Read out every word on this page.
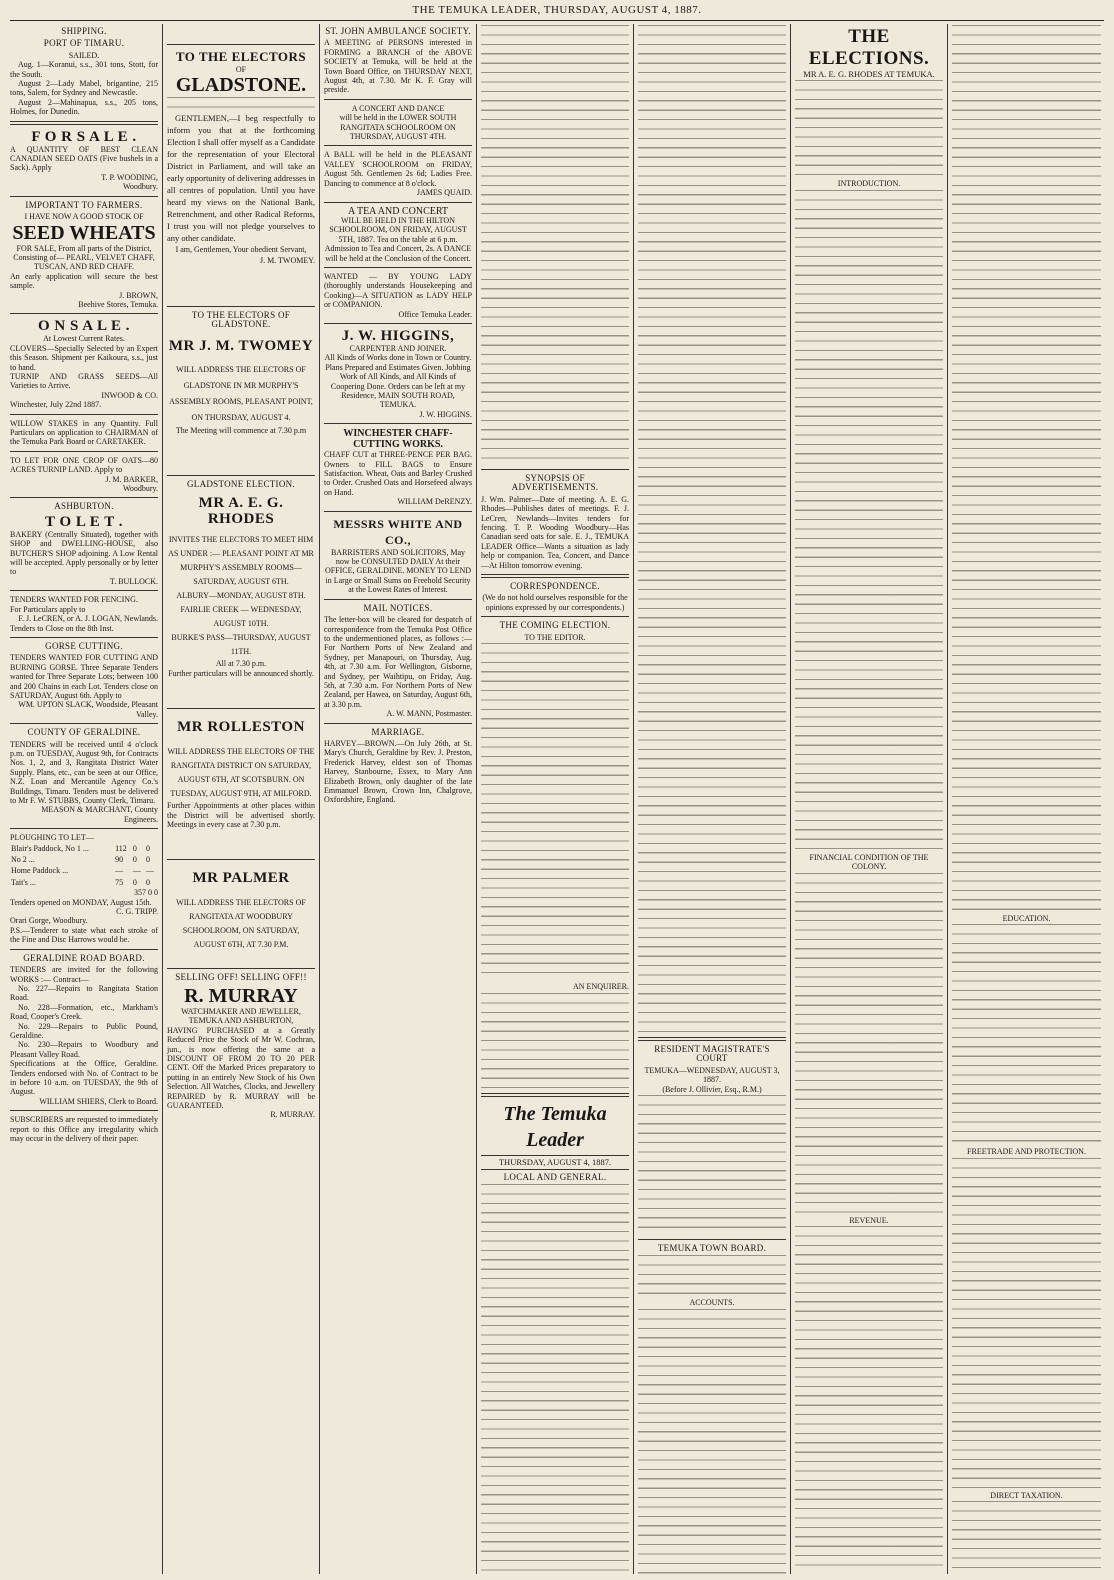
THE TEMUKA LEADER, THURSDAY, AUGUST 4, 1887.
SHIPPING.
PORT OF TIMARU.
SAILED.
Aug. 1—Koranui, s.s., 301 tons, Stott, for the South.
August 2—Lady Mabel, brigantine, 215 tons, Salem, for Sydney and Newcastle.
August 2—Mahinapua, s.s., 205 tons, Holmes, for Dunedin.
F O R S A L E .
A QUANTITY OF BEST CLEAN CANADIAN SEED OATS (Five bushels in a Sack). Apply
T. P. WOODING,
Woodbury.
IMPORTANT TO FARMERS.
I HAVE NOW A GOOD STOCK OF
SEED WHEATS
FOR SALE, From all parts of the District, Consisting of— PEARL, VELVET CHAFF, TUSCAN, AND RED CHAFF.
An early application will secure the best sample.
J. BROWN,
Beehive Stores, Temuka.
O N S A L E .
At Lowest Current Rates.
CLOVERS—Specially Selected by an Expert this Season. Shipment per Kaikoura, s.s., just to hand.
TURNIP AND GRASS SEEDS—All Varieties to Arrive.
INWOOD & CO.
Winchester, July 22nd 1887.
WILLOW STAKES in any Quantity. Full Particulars on application to CHAIRMAN of the Temuka Park Board or CARETAKER.
TO LET FOR ONE CROP OF OATS—80 ACRES TURNIP LAND. Apply to
J. M. BARKER,
Woodbury.
ASHBURTON.
T O L E T .
BAKERY (Centrally Situated), together with SHOP and DWELLING-HOUSE, also BUTCHER'S SHOP adjoining. A Low Rental will be accepted. Apply personally or by letter to
T. BULLOCK.
TENDERS WANTED FOR FENCING.
For Particulars apply to
F. J. LeCREN, or A. J. LOGAN, Newlands.
Tenders to Close on the 8th Inst.
GORSE CUTTING.
TENDERS WANTED FOR CUTTING AND BURNING GORSE. Three Separate Tenders wanted for Three Separate Lots; between 100 and 200 Chains in each Lot. Tenders close on SATURDAY, August 6th. Apply to
WM. UPTON SLACK, Woodside, Pleasant Valley.
COUNTY OF GERALDINE.
TENDERS will be received until 4 o'clock p.m. on TUESDAY, August 9th, for Contracts Nos. 1, 2, and 3, Rangitata District Water Supply. Plans, etc., can be seen at our Office, N.Z. Loan and Mercantile Agency Co.'s Buildings, Timaru. Tenders must be delivered to Mr F. W. STUBBS, County Clerk, Timaru.
MEASON & MARCHANT, County Engineers.
PLOUGHING TO LET—
Blair's Paddock, No 1 ...	112	0	0
No 2 ...	90	0	0
Home Paddock ...	—	—	—
Tait's ...	75	0	0
357 0 0
Tenders opened on MONDAY, August 15th.
C. G. TRIPP.
Orari Gorge, Woodbury.
P.S.—Tenderer to state what each stroke of the Fine and Disc Harrows would be.
GERALDINE ROAD BOARD.
TENDERS are invited for the following WORKS :— Contract—
No. 227—Repairs to Rangitata Station Road.
No. 228—Formation, etc., Markham's Road, Cooper's Creek.
No. 229—Repairs to Public Pound, Geraldine.
No. 230—Repairs to Woodbury and Pleasant Valley Road.
Specifications at the Office, Geraldine. Tenders endorsed with No. of Contract to be in before 10 a.m. on TUESDAY, the 9th of August.
WILLIAM SHIERS, Clerk to Board.
SUBSCRIBERS are requested to immediately report to this Office any irregularity which may occur in the delivery of their paper.
TO THE ELECTORS
OF
GLADSTONE.
GENTLEMEN,—I beg respectfully to inform you that at the forthcoming Election I shall offer myself as a Candidate for the representation of your Electoral District in Parliament, and will take an early opportunity of delivering addresses in all centres of population. Until you have heard my views on the National Bank, Retrenchment, and other Radical Reforms, I trust you will not pledge yourselves to any other candidate.
I am, Gentlemen, Your obedient Servant,
J. M. TWOMEY.
TO THE ELECTORS OF GLADSTONE.
MR J. M. TWOMEY
WILL ADDRESS THE ELECTORS OF GLADSTONE IN MR MURPHY'S ASSEMBLY ROOMS, PLEASANT POINT, ON THURSDAY, AUGUST 4.
The Meeting will commence at 7.30 p.m
GLADSTONE ELECTION.
MR A. E. G. RHODES
INVITES THE ELECTORS TO MEET HIM AS UNDER :— PLEASANT POINT AT MR MURPHY'S ASSEMBLY ROOMS—SATURDAY, AUGUST 6TH.
ALBURY—MONDAY, AUGUST 8TH.
FAIRLIE CREEK — WEDNESDAY, AUGUST 10TH.
BURKE'S PASS—THURSDAY, AUGUST 11TH.
All at 7.30 p.m.
Further particulars will be announced shortly.
MR ROLLESTON
WILL ADDRESS THE ELECTORS OF THE RANGITATA DISTRICT ON SATURDAY, AUGUST 6TH, AT SCOTSBURN. ON TUESDAY, AUGUST 9TH, AT MILFORD.
Further Appointments at other places within the District will be advertised shortly. Meetings in every case at 7.30 p.m.
MR PALMER
WILL ADDRESS THE ELECTORS OF RANGITATA AT WOODBURY SCHOOLROOM, ON SATURDAY, AUGUST 6TH, AT 7.30 P.M.
SELLING OFF! SELLING OFF!!
R. MURRAY
WATCHMAKER AND JEWELLER,
TEMUKA AND ASHBURTON,
HAVING PURCHASED at a Greatly Reduced Price the Stock of Mr W. Cochran, jun., is now offering the same at a DISCOUNT OF FROM 20 TO 20 PER CENT. Off the Marked Prices preparatory to putting in an entirely New Stock of his Own Selection. All Watches, Clocks, and Jewellery REPAIRED by R. MURRAY will be GUARANTEED.
R. MURRAY.
ST. JOHN AMBULANCE SOCIETY.
A MEETING of PERSONS interested in FORMING a BRANCH of the ABOVE SOCIETY at Temuka, will be held at the Town Board Office, on THURSDAY NEXT, August 4th, at 7.30. Mr K. F. Gray will preside.
A CONCERT AND DANCE
will be held in the LOWER SOUTH RANGITATA SCHOOLROOM ON THURSDAY, AUGUST 4TH.
A BALL will be held in the PLEASANT VALLEY SCHOOLROOM on FRIDAY, August 5th. Gentlemen 2s 6d; Ladies Free. Dancing to commence at 8 o'clock.
JAMES QUAID.
A TEA AND CONCERT
WILL BE HELD IN THE HILTON SCHOOLROOM, ON FRIDAY, AUGUST 5TH, 1887. Tea on the table at 6 p.m. Admission to Tea and Concert, 2s. A DANCE will be held at the Conclusion of the Concert.
WANTED — BY YOUNG LADY (thoroughly understands Housekeeping and Cooking)—A SITUATION as LADY HELP or COMPANION.
Office Temuka Leader.
J. W. HIGGINS,
CARPENTER AND JOINER.
All Kinds of Works done in Town or Country. Plans Prepared and Estimates Given. Jobbing Work of All Kinds, and All Kinds of Coopering Done. Orders can be left at my Residence, MAIN SOUTH ROAD, TEMUKA.
J. W. HIGGINS.
WINCHESTER CHAFF-CUTTING WORKS.
CHAFF CUT at THREE-PENCE PER BAG. Owners to FILL BAGS to Ensure Satisfaction. Wheat, Oats and Barley Crushed to Order. Crushed Oats and Horsefeed always on Hand.
WILLIAM DeRENZY.
MESSRS WHITE AND CO.,
BARRISTERS AND SOLICITORS, May now be CONSULTED DAILY At their OFFICE, GERALDINE. MONEY TO LEND in Large or Small Sums on Freehold Security at the Lowest Rates of Interest.
MAIL NOTICES.
The letter-box will be cleared for despatch of correspondence from the Temuka Post Office to the undermentioned places, as follows :— For Northern Ports of New Zealand and Sydney, per Manapouri, on Thursday, Aug. 4th, at 7.30 a.m. For Wellington, Gisborne, and Sydney, per Waihtipu, on Friday, Aug. 5th, at 7.30 a.m. For Northern Ports of New Zealand, per Hawea, on Saturday, August 6th, at 3.30 p.m.
A. W. MANN, Postmaster.
MARRIAGE.
HARVEY—BROWN.—On July 26th, at St. Mary's Church, Geraldine by Rev. J. Preston, Frederick Harvey, eldest son of Thomas Harvey, Stanbourne, Essex, to Mary Ann Elizabeth Brown, only daughter of the late Emmanuel Brown, Crown Inn, Chalgrove, Oxfordshire, England.
SYNOPSIS OF ADVERTISEMENTS.
J. Wm. Palmer—Date of meeting. A. E. G. Rhodes—Publishes dates of meetings. F. J. LeCren, Newlands—Invites tenders for fencing. T. P. Wooding Woodbury—Has Canadian seed oats for sale. E. J., TEMUKA LEADER Office—Wants a situation as lady help or companion. Tea, Concert, and Dance—At Hilton tomorrow evening.
CORRESPONDENCE.
(We do not hold ourselves responsible for the opinions expressed by our correspondents.)
THE COMING ELECTION.
TO THE EDITOR.
AN ENQUIRER.
The Temuka Leader
THURSDAY, AUGUST 4, 1887.
LOCAL AND GENERAL.
RESIDENT MAGISTRATE'S COURT
TEMUKA—WEDNESDAY, AUGUST 3, 1887.
(Before J. Ollivier, Esq., R.M.)
TEMUKA TOWN BOARD.
ACCOUNTS.
THE ELECTIONS.
MR A. E. G. RHODES AT TEMUKA.
INTRODUCTION.
FINANCIAL CONDITION OF THE COLONY.
REVENUE.
EDUCATION.
FREETRADE AND PROTECTION.
DIRECT TAXATION.
